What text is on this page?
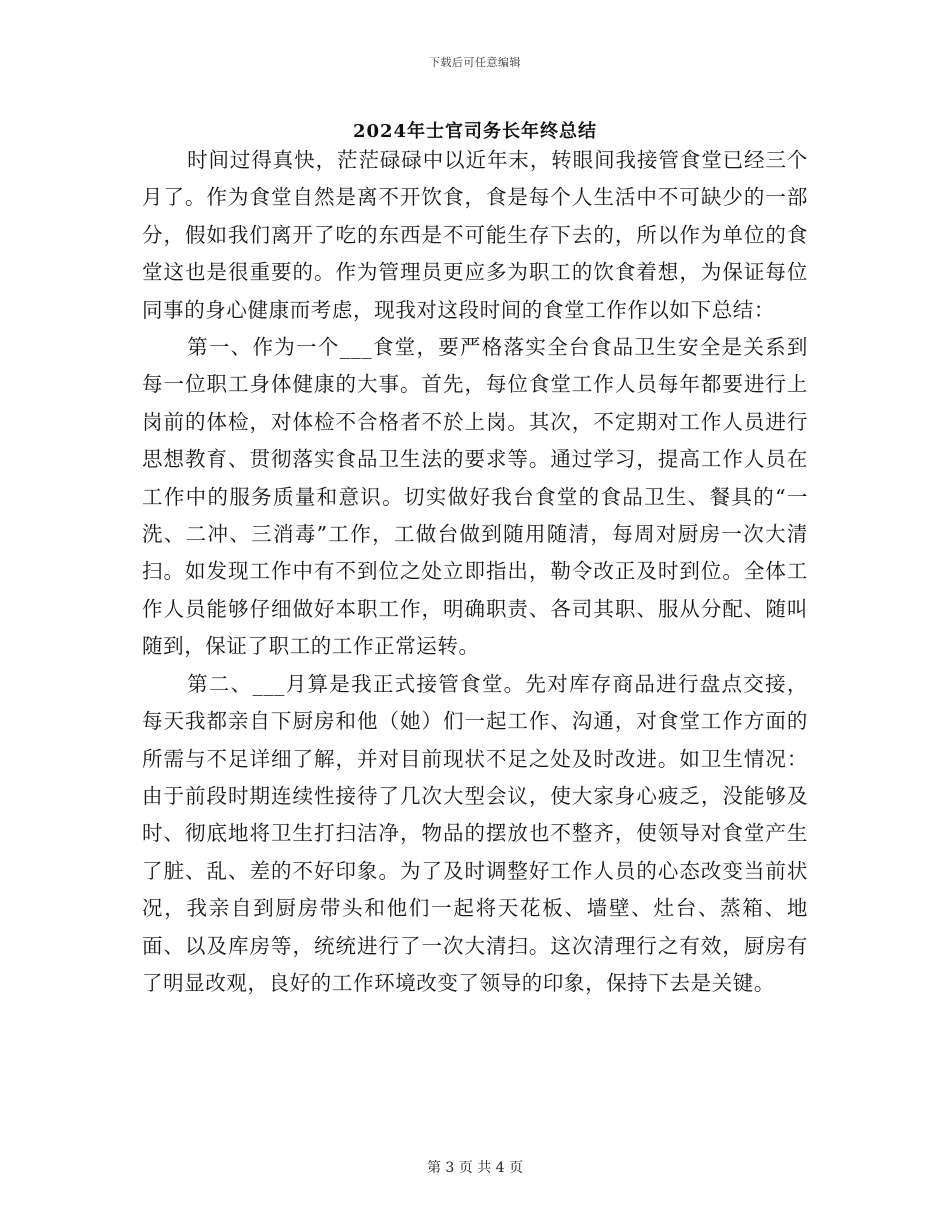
下载后可任意编辑
2024年士官司务长年终总结

时间过得真快，茫茫碌碌中以近年末，转眼间我接管食堂已经三个月了。作为食堂自然是离不开饮食，食是每个人生活中不可缺少的一部分，假如我们离开了吃的东西是不可能生存下去的，所以作为单位的食堂这也是很重要的。作为管理员更应多为职工的饮食着想，为保证每位同事的身心健康而考虑，现我对这段时间的食堂工作作以如下总结：

第一、作为一个___食堂，要严格落实全台食品卫生安全是关系到每一位职工身体健康的大事。首先，每位食堂工作人员每年都要进行上岗前的体检，对体检不合格者不於上岗。其次，不定期对工作人员进行思想教育、贯彻落实食品卫生法的要求等。通过学习，提高工作人员在工作中的服务质量和意识。切实做好我台食堂的食品卫生、餐具的“一洗、二冲、三消毒”工作，工做台做到随用随清，每周对厨房一次大清扫。如发现工作中有不到位之处立即指出，勒令改正及时到位。全体工作人员能够仔细做好本职工作，明确职责、各司其职、服从分配、随叫随到，保证了职工的工作正常运转。

第二、___月算是我正式接管食堂。先对库存商品进行盘点交接，每天我都亲自下厨房和他（她）们一起工作、沟通，对食堂工作方面的所需与不足详细了解，并对目前现状不足之处及时改进。如卫生情况：由于前段时期连续性接待了几次大型会议，使大家身心疲乏，没能够及时、彻底地将卫生打扫洁净，物品的摆放也不整齐，使领导对食堂产生了脏、乱、差的不好印象。为了及时调整好工作人员的心态改变当前状况，我亲自到厨房带头和他们一起将天花板、墙壁、灶台、蒸箱、地面、以及库房等，统统进行了一次大清扫。这次清理行之有效，厨房有了明显改观，良好的工作环境改变了领导的印象，保持下去是关键。

第 3 页 共 4 页
